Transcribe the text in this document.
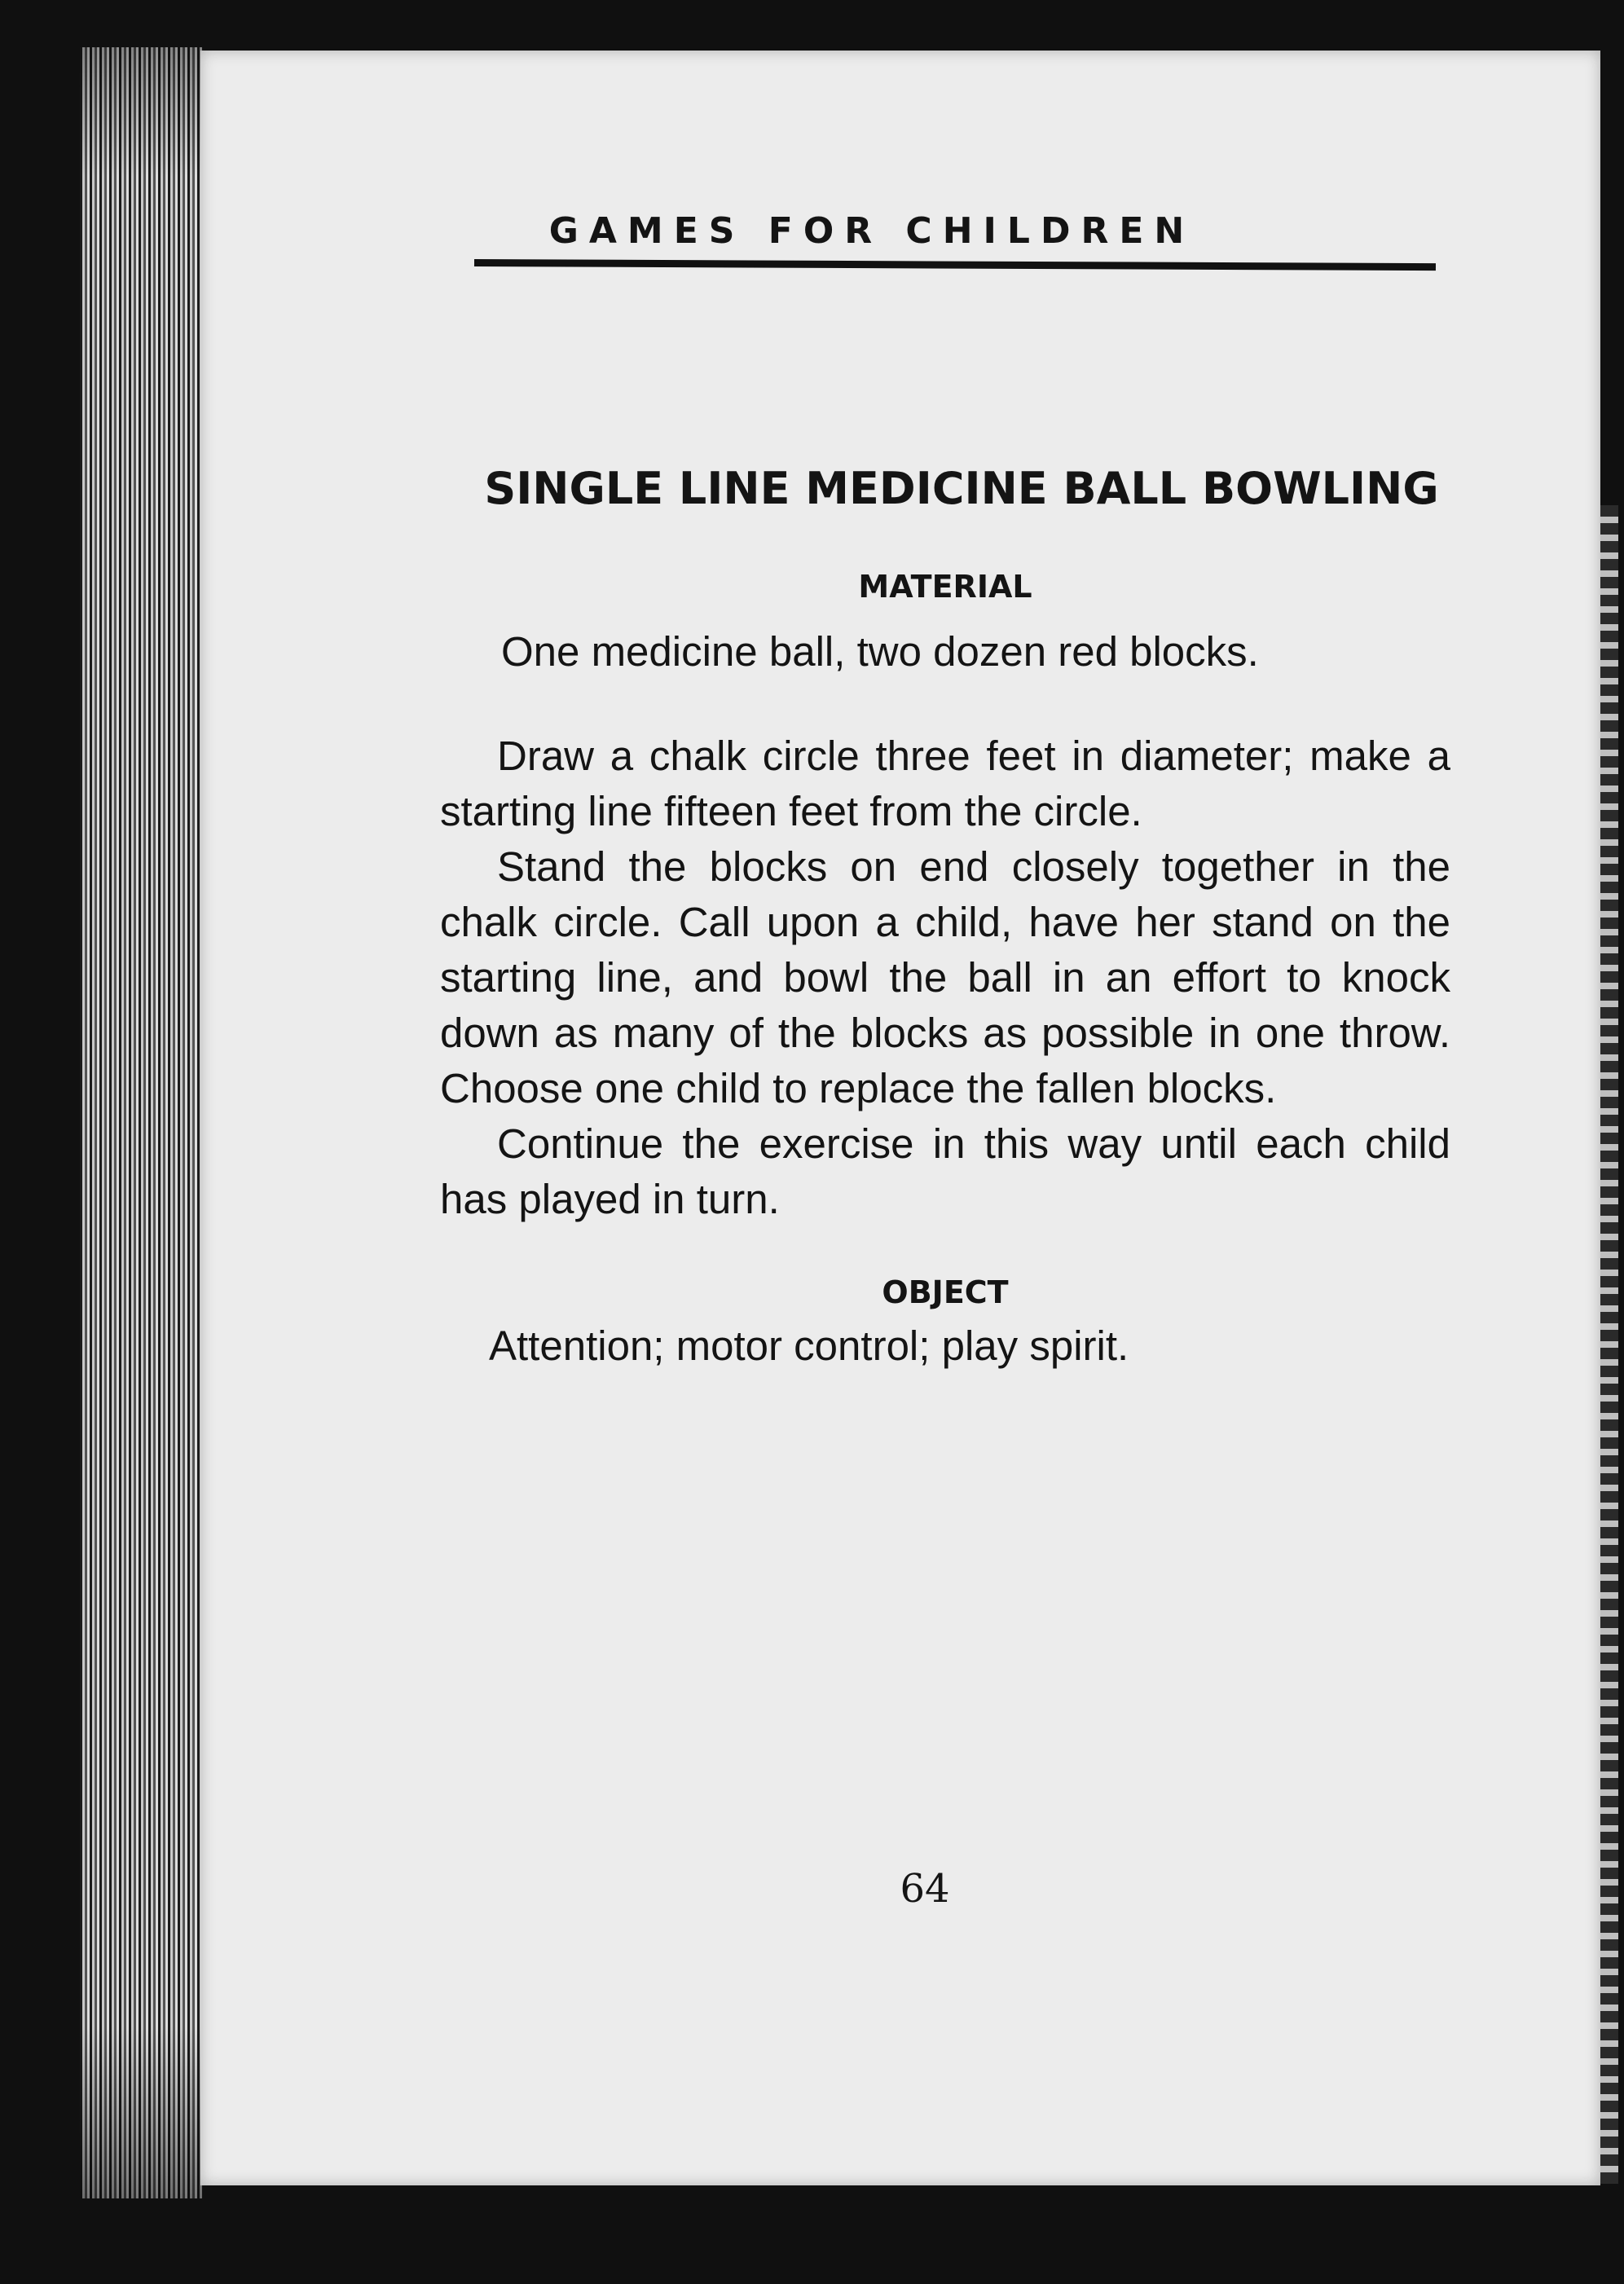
GAMES FOR CHILDREN
SINGLE LINE MEDICINE BALL BOWLING
MATERIAL

One medicine ball, two dozen red blocks.

Draw a chalk circle three feet in diameter; make a starting line fifteen feet from the circle.

Stand the blocks on end closely together in the chalk circle. Call upon a child, have her stand on the starting line, and bowl the ball in an effort to knock down as many of the blocks as possible in one throw. Choose one child to replace the fallen blocks.

Continue the exercise in this way until each child has played in turn.

OBJECT

Attention; motor control; play spirit.

64
